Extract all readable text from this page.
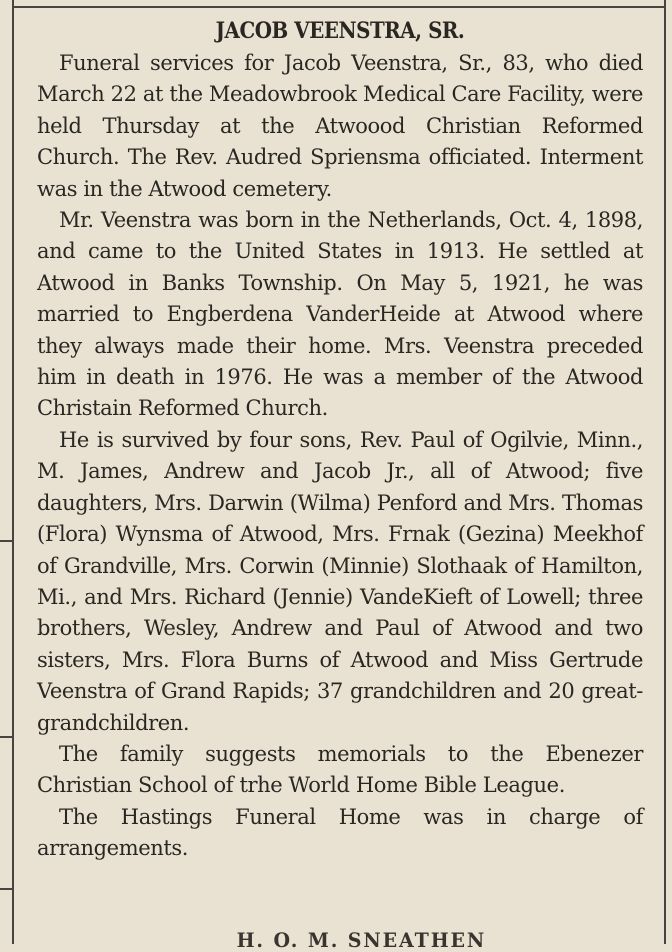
JACOB VEENSTRA, SR.

Funeral services for Jacob Veenstra, Sr., 83, who died March 22 at the Meadowbrook Medical Care Facility, were held Thursday at the Atwoood Christian Reformed Church. The Rev. Audred Spriensma officiated. Interment was in the Atwood cemetery.

Mr. Veenstra was born in the Netherlands, Oct. 4, 1898, and came to the United States in 1913. He settled at Atwood in Banks Township. On May 5, 1921, he was married to Engberdena VanderHeide at Atwood where they always made their home. Mrs. Veenstra preceded him in death in 1976. He was a member of the Atwood Christain Reformed Church.

He is survived by four sons, Rev. Paul of Ogilvie, Minn., M. James, Andrew and Jacob Jr., all of Atwood; five daughters, Mrs. Darwin (Wilma) Penford and Mrs. Thomas (Flora) Wynsma of Atwood, Mrs. Frnak (Gezina) Meekhof of Grandville, Mrs. Corwin (Minnie) Slothaak of Hamilton, Mi., and Mrs. Richard (Jennie) VandeKieft of Lowell; three brothers, Wesley, Andrew and Paul of Atwood and two sisters, Mrs. Flora Burns of Atwood and Miss Gertrude Veenstra of Grand Rapids; 37 grandchildren and 20 great-grandchildren.

The family suggests memorials to the Ebenezer Christian School of trhe World Home Bible League.

The Hastings Funeral Home was in charge of arrangements.

H. O. M. SNEATHEN
